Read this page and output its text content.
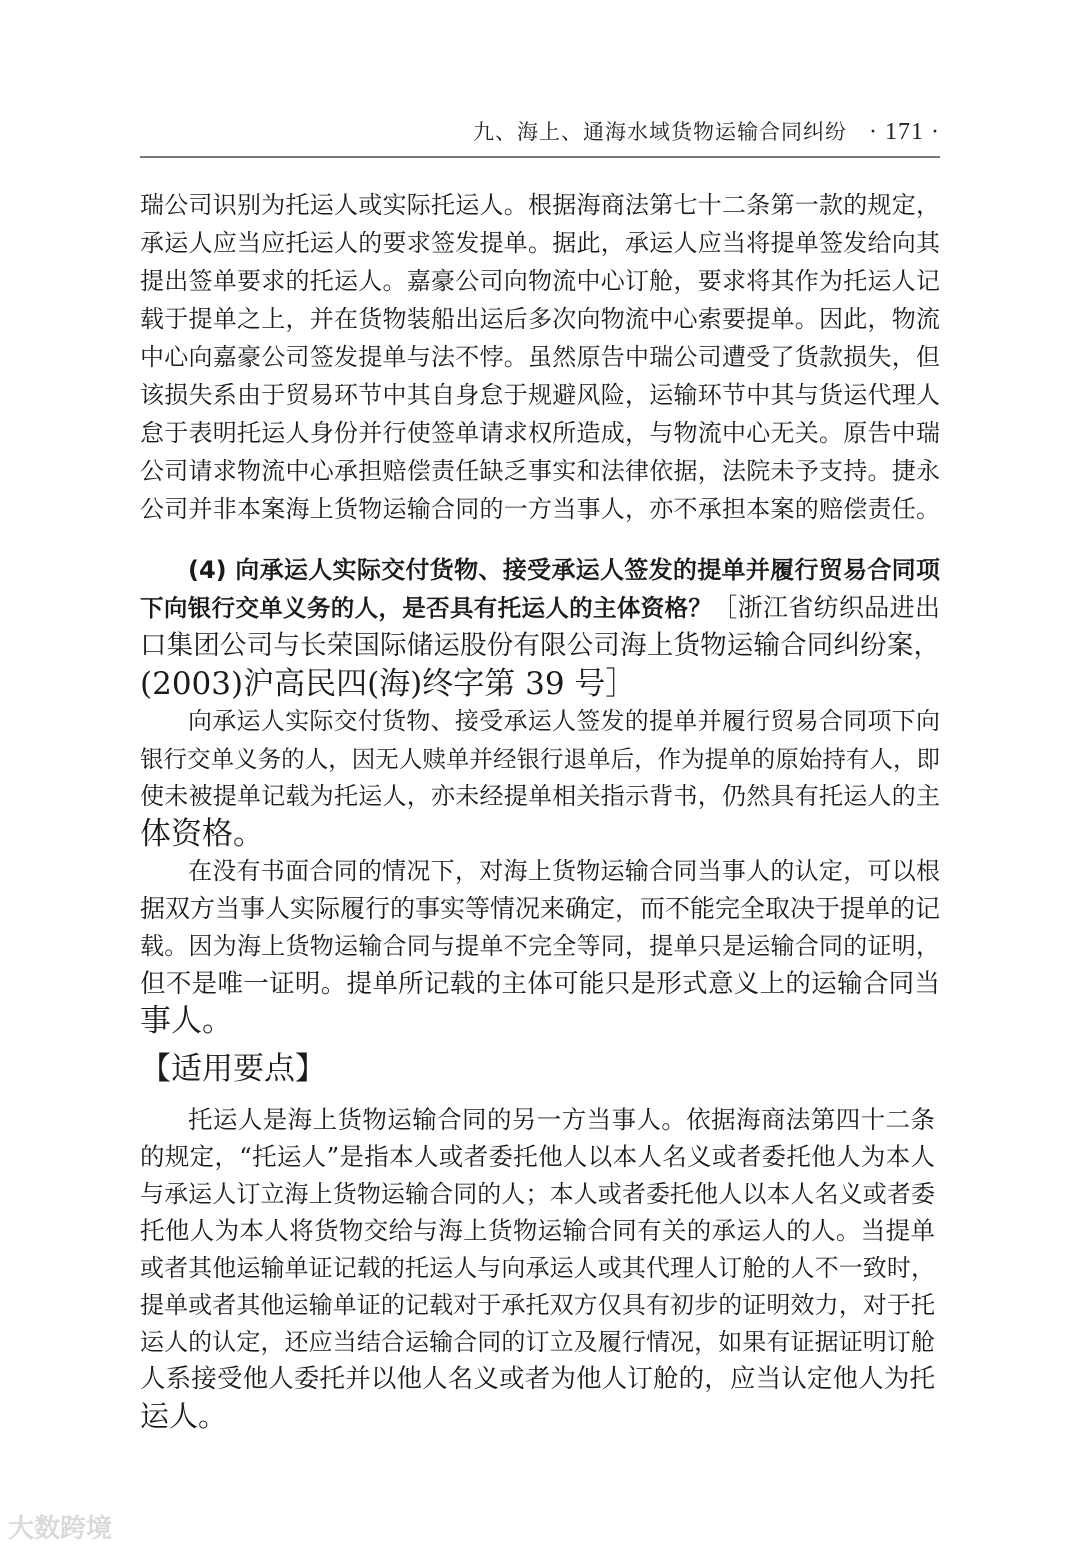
九、海上、通海水域货物运输合同纠纷 · 171 ·
瑞公司识别为托运人或实际托运人。根据海商法第七十二条第一款的规定，
承运人应当应托运人的要求签发提单。据此，承运人应当将提单签发给向其
提出签单要求的托运人。嘉豪公司向物流中心订舱，要求将其作为托运人记
载于提单之上，并在货物装船出运后多次向物流中心索要提单。因此，物流
中心向嘉豪公司签发提单与法不悖。虽然原告中瑞公司遭受了货款损失，但
该损失系由于贸易环节中其自身怠于规避风险，运输环节中其与货运代理人
怠于表明托运人身份并行使签单请求权所造成，与物流中心无关。原告中瑞
公司请求物流中心承担赔偿责任缺乏事实和法律依据，法院未予支持。捷永
公司并非本案海上货物运输合同的一方当事人，亦不承担本案的赔偿责任。
向承运人实际交付货物、接受承运人签发的提单并履行贸易合同项下向
银行交单义务的人，因无人赎单并经银行退单后，作为提单的原始持有人，即
使未被提单记载为托运人，亦未经提单相关指示背书，仍然具有托运人的主
体资格。
在没有书面合同的情况下，对海上货物运输合同当事人的认定，可以根
据双方当事人实际履行的事实等情况来确定，而不能完全取决于提单的记
载。因为海上货物运输合同与提单不完全等同，提单只是运输合同的证明，
但不是唯一证明。提单所记载的主体可能只是形式意义上的运输合同当
事人。
托运人是海上货物运输合同的另一方当事人。依据海商法第四十二条
的规定，“托运人”是指本人或者委托他人以本人名义或者委托他人为本人
与承运人订立海上货物运输合同的人；本人或者委托他人以本人名义或者委
托他人为本人将货物交给与海上货物运输合同有关的承运人的人。当提单
或者其他运输单证记载的托运人与向承运人或其代理人订舱的人不一致时，
提单或者其他运输单证的记载对于承托双方仅具有初步的证明效力，对于托
运人的认定，还应当结合运输合同的订立及履行情况，如果有证据证明订舱
人系接受他人委托并以他人名义或者为他人订舱的，应当认定他人为托
运人。
(4) 向承运人实际交付货物、接受承运人签发的提单并履行贸易合同项
下向银行交单义务的人，是否具有托运人的主体资格？［浙江省纺织品进出
口集团公司与长荣国际储运股份有限公司海上货物运输合同纠纷案，
(2003)沪高民四(海)终字第 39 号］
【适用要点】
大数跨境
